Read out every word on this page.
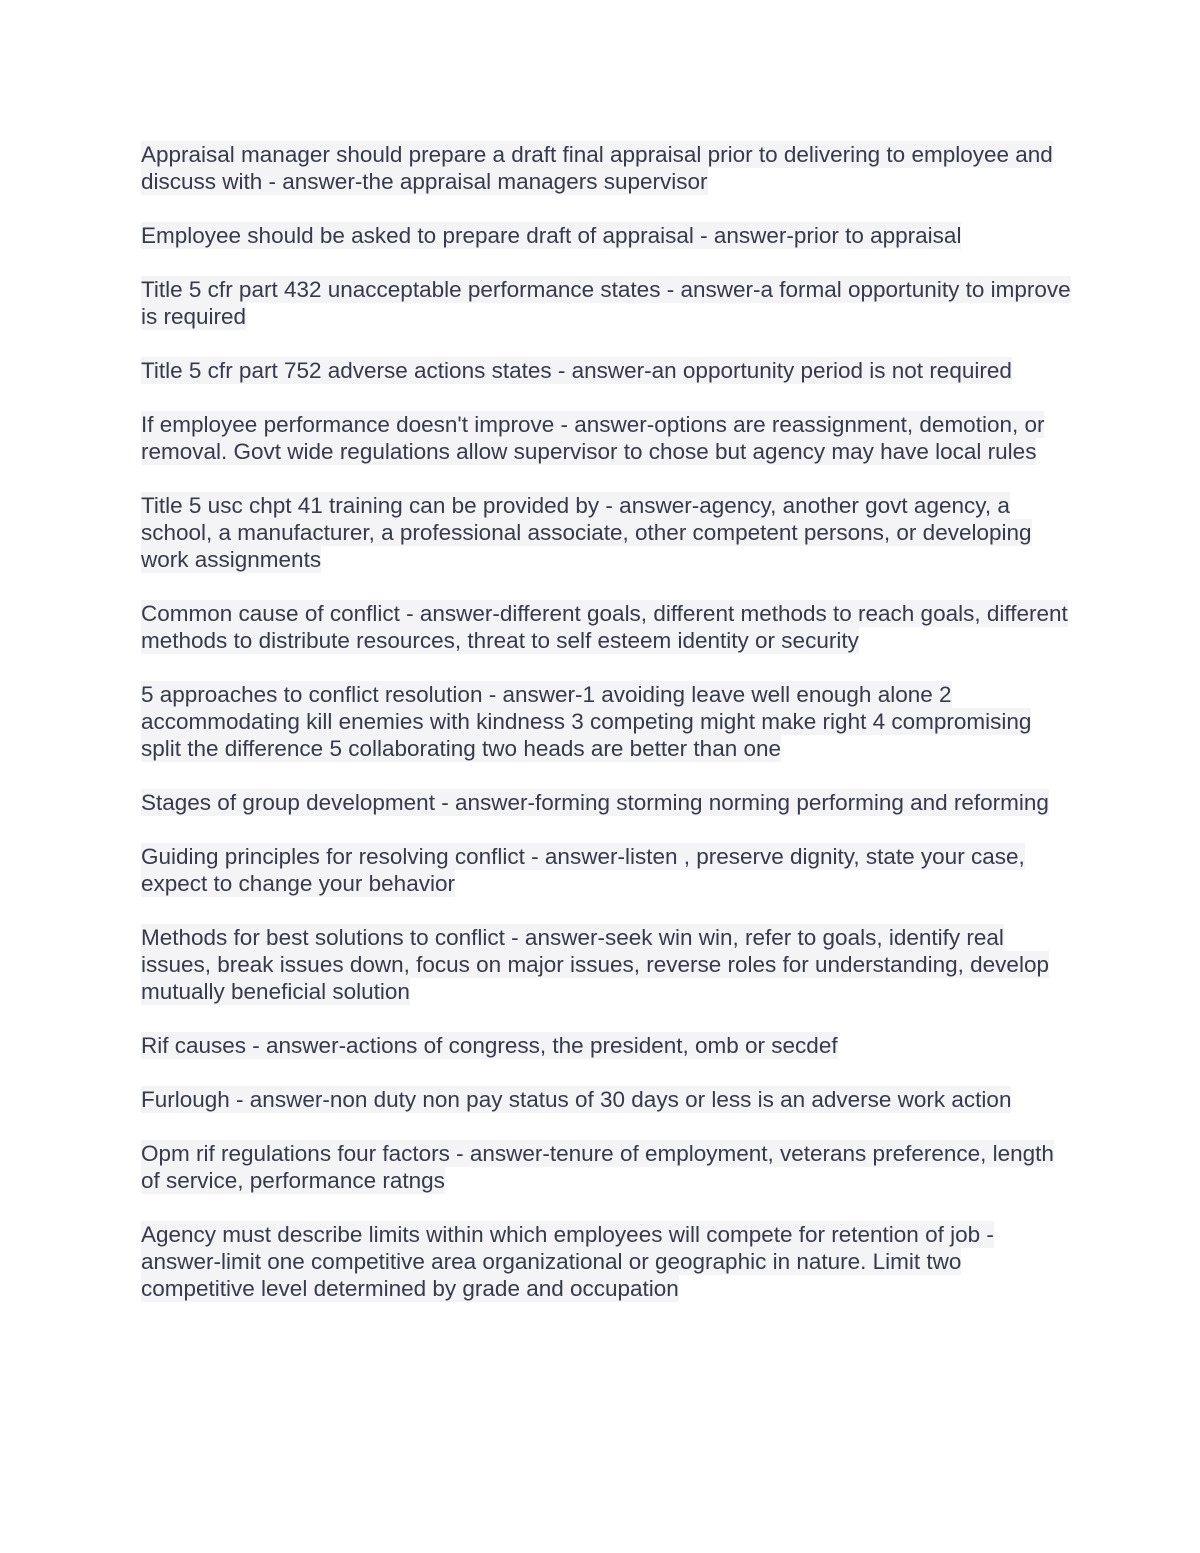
Appraisal manager should prepare a draft final appraisal prior to delivering to employee and discuss with - answer-the appraisal managers supervisor

Employee should be asked to prepare draft of appraisal - answer-prior to appraisal

Title 5 cfr part 432 unacceptable performance states - answer-a formal opportunity to improve is required

Title 5 cfr part 752 adverse actions states - answer-an opportunity period is not required

If employee performance doesn't improve - answer-options are reassignment, demotion, or removal. Govt wide regulations allow supervisor to chose but agency may have local rules

Title 5 usc chpt 41 training can be provided by - answer-agency, another govt agency, a school, a manufacturer, a professional associate, other competent persons, or developing work assignments

Common cause of conflict - answer-different goals, different methods to reach goals, different methods to distribute resources, threat to self esteem identity or security

5 approaches to conflict resolution - answer-1 avoiding leave well enough alone 2 accommodating kill enemies with kindness 3 competing might make right 4 compromising split the difference 5 collaborating two heads are better than one

Stages of group development - answer-forming storming norming performing and reforming

Guiding principles for resolving conflict - answer-listen , preserve dignity, state your case, expect to change your behavior

Methods for best solutions to conflict - answer-seek win win, refer to goals, identify real issues, break issues down, focus on major issues, reverse roles for understanding, develop mutually beneficial solution

Rif causes - answer-actions of congress, the president, omb or secdef

Furlough - answer-non duty non pay status of 30 days or less is an adverse work action

Opm rif regulations four factors - answer-tenure of employment, veterans preference, length of service, performance ratngs

Agency must describe limits within which employees will compete for retention of job - answer-limit one competitive area organizational or geographic in nature. Limit two competitive level determined by grade and occupation
